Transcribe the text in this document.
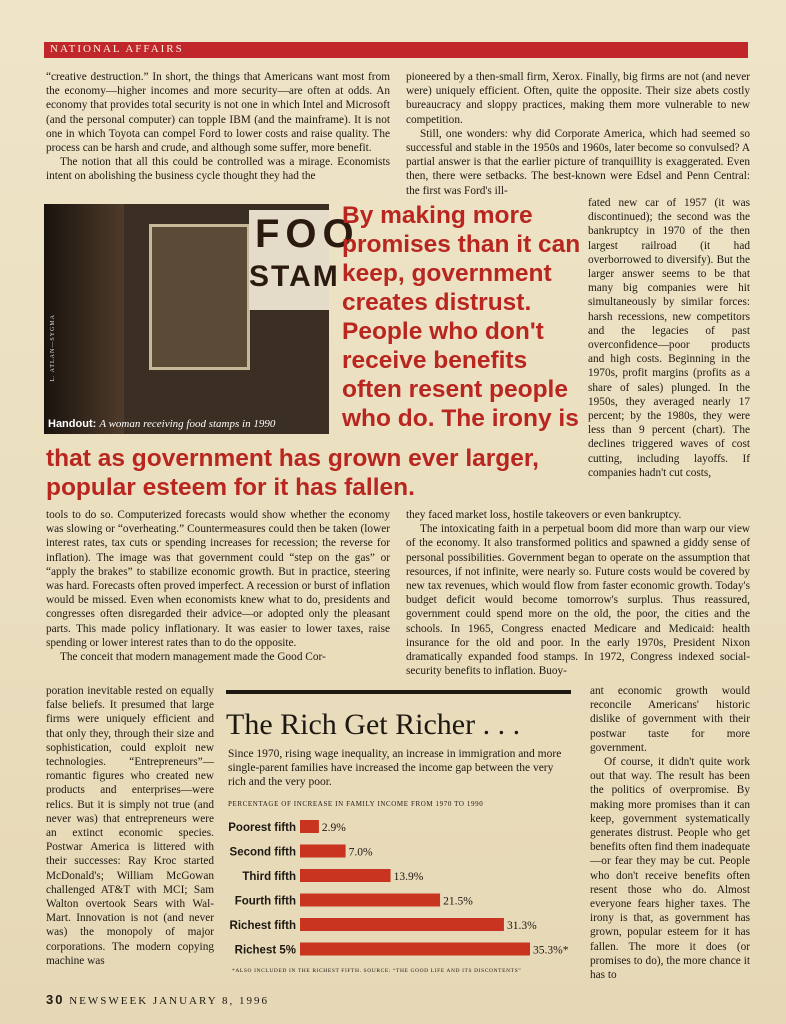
NATIONAL AFFAIRS

“creative destruction.” In short, the things that Americans want most from the economy—higher incomes and more security—are often at odds. An economy that provides total security is not one in which Intel and Microsoft (and the personal computer) can topple IBM (and the mainframe). It is not one in which Toyota can compel Ford to lower costs and raise quality. The process can be harsh and crude, and although some suffer, more benefit.

The notion that all this could be controlled was a mirage. Economists intent on abolishing the business cycle thought they had the

pioneered by a then-small firm, Xerox. Finally, big firms are not (and never were) uniquely efficient. Often, quite the opposite. Their size abets costly bureaucracy and sloppy practices, making them more vulnerable to new competition.

Still, one wonders: why did Corporate America, which had seemed so successful and stable in the 1950s and 1960s, later become so convulsed? A partial answer is that the earlier picture of tranquillity is exaggerated. Even then, there were setbacks. The best-known were Edsel and Penn Central: the first was Ford's ill-

FOO
STAM
L. ATLAN—SYGMA
Handout: A woman receiving food stamps in 1990
By making more promises than it can keep, government creates distrust. People who don't receive benefits often resent people who do. The irony is
that as government has grown ever larger, popular esteem for it has fallen.

fated new car of 1957 (it was discontinued); the second was the bankruptcy in 1970 of the then largest railroad (it had overborrowed to diversify). But the larger answer seems to be that many big companies were hit simultaneously by similar forces: harsh recessions, new competitors and the legacies of past overconfidence—poor products and high costs. Beginning in the 1970s, profit margins (profits as a share of sales) plunged. In the 1950s, they averaged nearly 17 percent; by the 1980s, they were less than 9 percent (chart). The declines triggered waves of cost cutting, including layoffs. If companies hadn't cut costs,

tools to do so. Computerized forecasts would show whether the economy was slowing or “overheating.” Countermeasures could then be taken (lower interest rates, tax cuts or spending increases for recession; the reverse for inflation). The image was that government could “step on the gas” or “apply the brakes” to stabilize economic growth. But in practice, steering was hard. Forecasts often proved imperfect. A recession or burst of inflation would be missed. Even when economists knew what to do, presidents and congresses often disregarded their advice—or adopted only the pleasant parts. This made policy inflationary. It was easier to lower taxes, raise spending or lower interest rates than to do the opposite.

The conceit that modern management made the Good Cor-

they faced market loss, hostile takeovers or even bankruptcy.

The intoxicating faith in a perpetual boom did more than warp our view of the economy. It also transformed politics and spawned a giddy sense of personal possibilities. Government began to operate on the assumption that resources, if not infinite, were nearly so. Future costs would be covered by new tax revenues, which would flow from faster economic growth. Today's budget deficit would become tomorrow's surplus. Thus reassured, government could spend more on the old, the poor, the cities and the schools. In 1965, Congress enacted Medicare and Medicaid: health insurance for the old and poor. In the early 1970s, President Nixon dramatically expanded food stamps. In 1972, Congress indexed social-security benefits to inflation. Buoy-

poration inevitable rested on equally false beliefs. It presumed that large firms were uniquely efficient and that only they, through their size and sophistication, could exploit new technologies. “Entrepreneurs”—romantic figures who created new products and enterprises—were relics. But it is simply not true (and never was) that entrepreneurs were an extinct economic species. Postwar America is littered with their successes: Ray Kroc started McDonald's; William McGowan challenged AT&T with MCI; Sam Walton overtook Sears with Wal-Mart. Innovation is not (and never was) the monopoly of major corporations. The modern copying machine was

ant economic growth would reconcile Americans' historic dislike of government with their postwar taste for more government.

Of course, it didn't quite work out that way. The result has been the politics of overpromise. By making more promises than it can keep, government systematically generates distrust. People who get benefits often find them inadequate—or fear they may be cut. People who don't receive benefits often resent those who do. Almost everyone fears higher taxes. The irony is that, as government has grown, popular esteem for it has fallen. The more it does (or promises to do), the more chance it has to

The Rich Get Richer . . .
Since 1970, rising wage inequality, an increase in immigration and more single-parent families have increased the income gap between the very rich and the very poor.
PERCENTAGE OF INCREASE IN FAMILY INCOME FROM 1970 TO 1990
Poorest fifth 2.9%
Second fifth	7.0%
Third fifth	13.9%
Fourth fifth	21.5%
Richest fifth	31.3%
Richest 5%	35.3%*
*ALSO INCLUDED IN THE RICHEST FIFTH. SOURCE: “THE GOOD LIFE AND ITS DISCONTENTS”
30 NEWSWEEK JANUARY 8, 1996
